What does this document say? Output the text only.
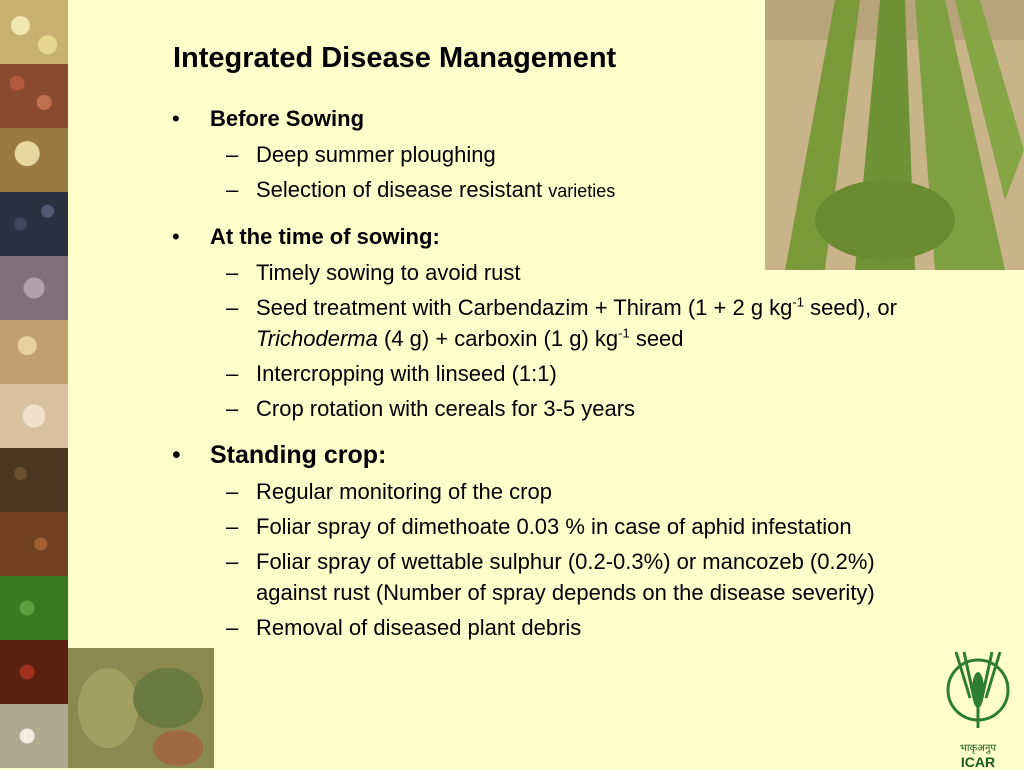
Integrated Disease Management
• Before Sowing
– Deep summer ploughing
– Selection of disease resistant varieties
• At the time of sowing:
– Timely sowing to avoid rust
– Seed treatment with Carbendazim + Thiram (1 + 2 g $kg^{-1}$ seed), or Trichoderma (4 g) + carboxin (1 g) $kg^{-1}$ seed
– Intercropping with linseed (1:1)
– Crop rotation with cereals for 3-5 years
• Standing crop:
– Regular monitoring of the crop
– Foliar spray of dimethoate 0.03 % in case of aphid infestation
– Foliar spray of wettable sulphur (0.2-0.3%) or mancozeb (0.2%) against rust (Number of spray depends on the disease severity)
– Removal of diseased plant debris
भाकृअनुप
ICAR
